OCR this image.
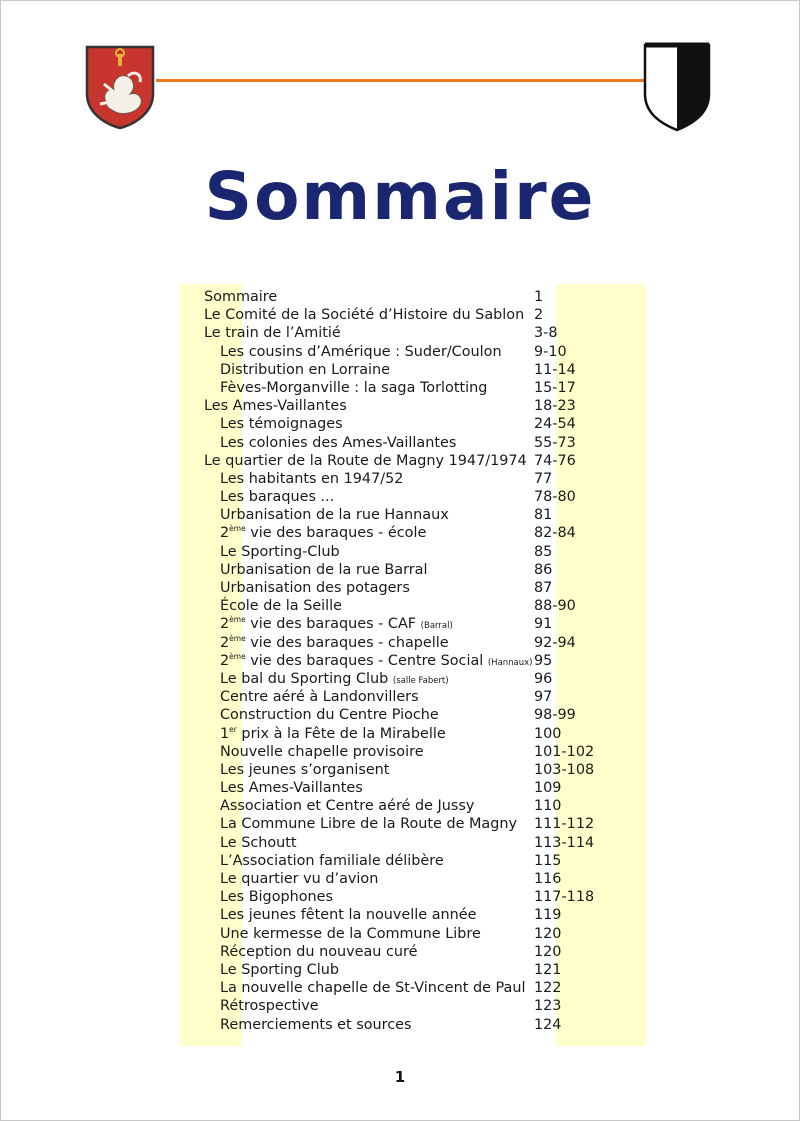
Sommaire
Sommaire	1
Le Comité de la Société d’Histoire du Sablon 2
Le train de l’Amitié	3-8
Les cousins d’Amérique : Suder/Coulon 9-10
Distribution en Lorraine	11-14
Fèves-Morganville : la saga Torlotting	15-17
Les Ames-Vaillantes	18-23
Les témoignages	24-54
Les colonies des Ames-Vaillantes	55-73
Le quartier de la Route de Magny 1947/1974 74-76
Les habitants en 1947/52	77
Les baraques ...	78-80
Urbanisation de la rue Hannaux	81
2ème vie des baraques - école	82-84
Le Sporting-Club	85
Urbanisation de la rue Barral	86
Urbanisation des potagers	87
École de la Seille	88-90
2ème vie des baraques - CAF (Barral)	91
2ème vie des baraques - chapelle	92-94
2ème vie des baraques - Centre Social (Hannaux) 95
Le bal du Sporting Club (salle Fabert)	96
Centre aéré à Landonvillers	97
Construction du Centre Pioche	98-99
1er prix à la Fête de la Mirabelle	100
Nouvelle chapelle provisoire	101-102
Les jeunes s’organisent	103-108
Les Ames-Vaillantes	109
Association et Centre aéré de Jussy	110
La Commune Libre de la Route de Magny 111-112
Le Schoutt	113-114
L’Association familiale délibère	115
Le quartier vu d’avion	116
Les Bigophones	117-118
Les jeunes fêtent la nouvelle année	119
Une kermesse de la Commune Libre	120
Réception du nouveau curé	120
Le Sporting Club	121
La nouvelle chapelle de St-Vincent de Paul 122
Rétrospective	123
Remerciements et sources	124
1
